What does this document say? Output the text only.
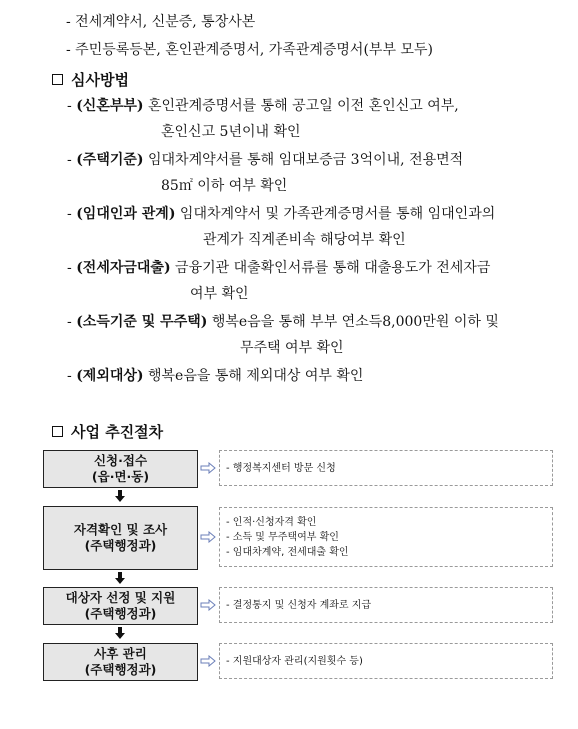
- 전세계약서, 신분증, 통장사본
- 주민등록등본, 혼인관계증명서, 가족관계증명서(부부 모두)
심사방법
- (신혼부부) 혼인관계증명서를 통해 공고일 이전 혼인신고 여부,
혼인신고 5년이내 확인
- (주택기준) 임대차계약서를 통해 임대보증금 3억이내, 전용면적
85㎡ 이하 여부 확인
- (임대인과 관계) 임대차계약서 및 가족관계증명서를 통해 임대인과의
관계가 직계존비속 해당여부 확인
- (전세자금대출) 금융기관 대출확인서류를 통해 대출용도가 전세자금
여부 확인
- (소득기준 및 무주택) 행복e음을 통해 부부 연소득8,000만원 이하 및
무주택 여부 확인
- (제외대상) 행복e음을 통해 제외대상 여부 확인
사업 추진절차
신청·접수
(읍·면·동)
- 행정복지센터 방문 신청
자격확인 및 조사
(주택행정과)
- 인적·신청자격 확인
- 소득 및 무주택여부 확인
- 임대차계약, 전세대출 확인
대상자 선정 및 지원
(주택행정과)
- 결정통지 및 신청자 계좌로 지급
사후 관리
(주택행정과)
- 지원대상자 관리(지원횟수 등)
